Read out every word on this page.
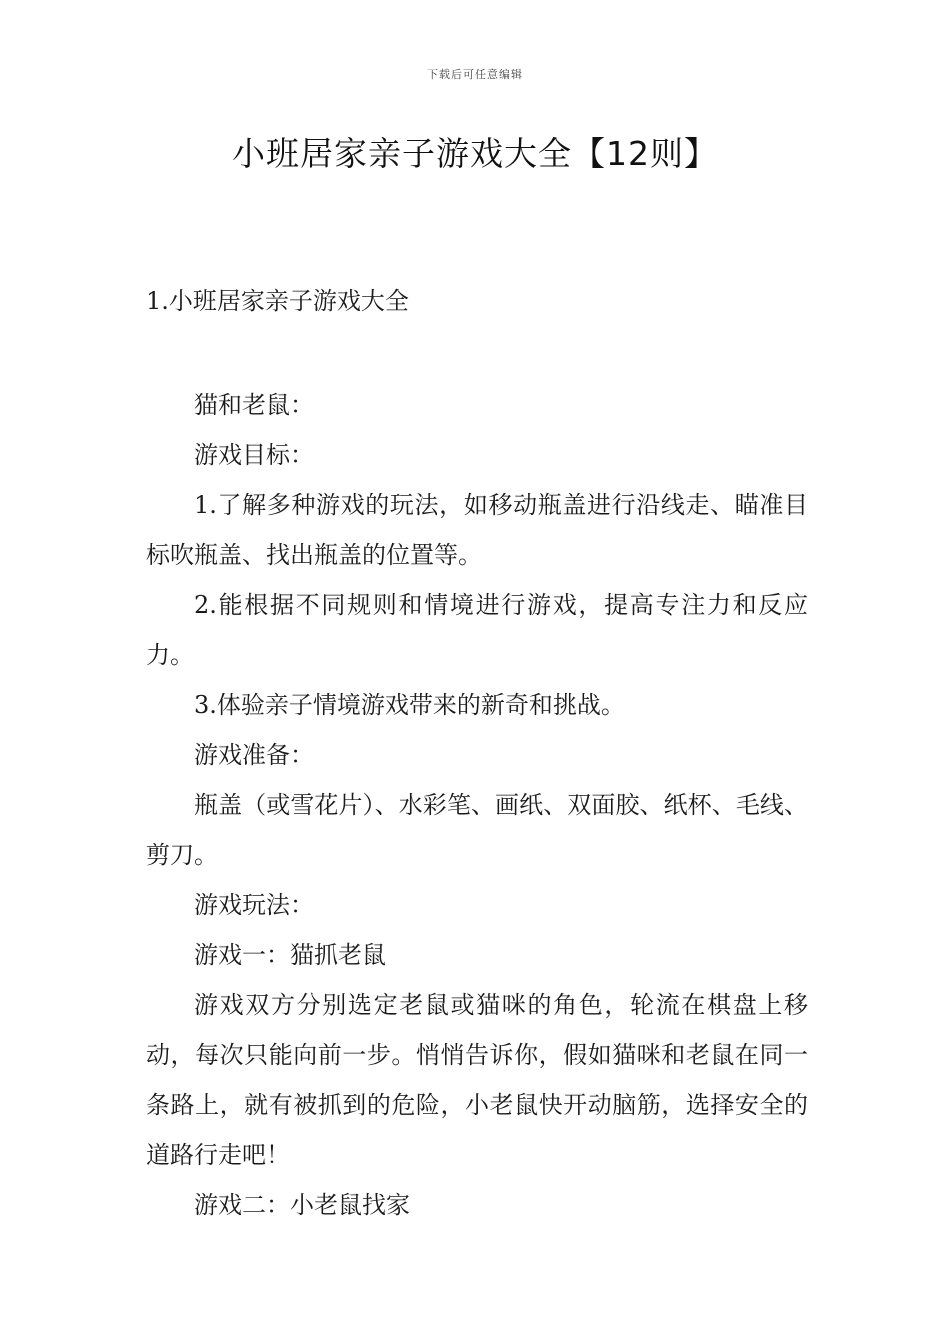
下载后可任意编辑
小班居家亲子游戏大全【12则】

1.小班居家亲子游戏大全

猫和老鼠：

游戏目标：

1.了解多种游戏的玩法，如移动瓶盖进行沿线走、瞄准目标吹瓶盖、找出瓶盖的位置等。

2.能根据不同规则和情境进行游戏，提高专注力和反应力。

3.体验亲子情境游戏带来的新奇和挑战。

游戏准备：

瓶盖（或雪花片）、水彩笔、画纸、双面胶、纸杯、毛线、剪刀。

游戏玩法：

游戏一：猫抓老鼠

游戏双方分别选定老鼠或猫咪的角色，轮流在棋盘上移动，每次只能向前一步。悄悄告诉你，假如猫咪和老鼠在同一条路上，就有被抓到的危险，小老鼠快开动脑筋，选择安全的道路行走吧！

游戏二：小老鼠找家
